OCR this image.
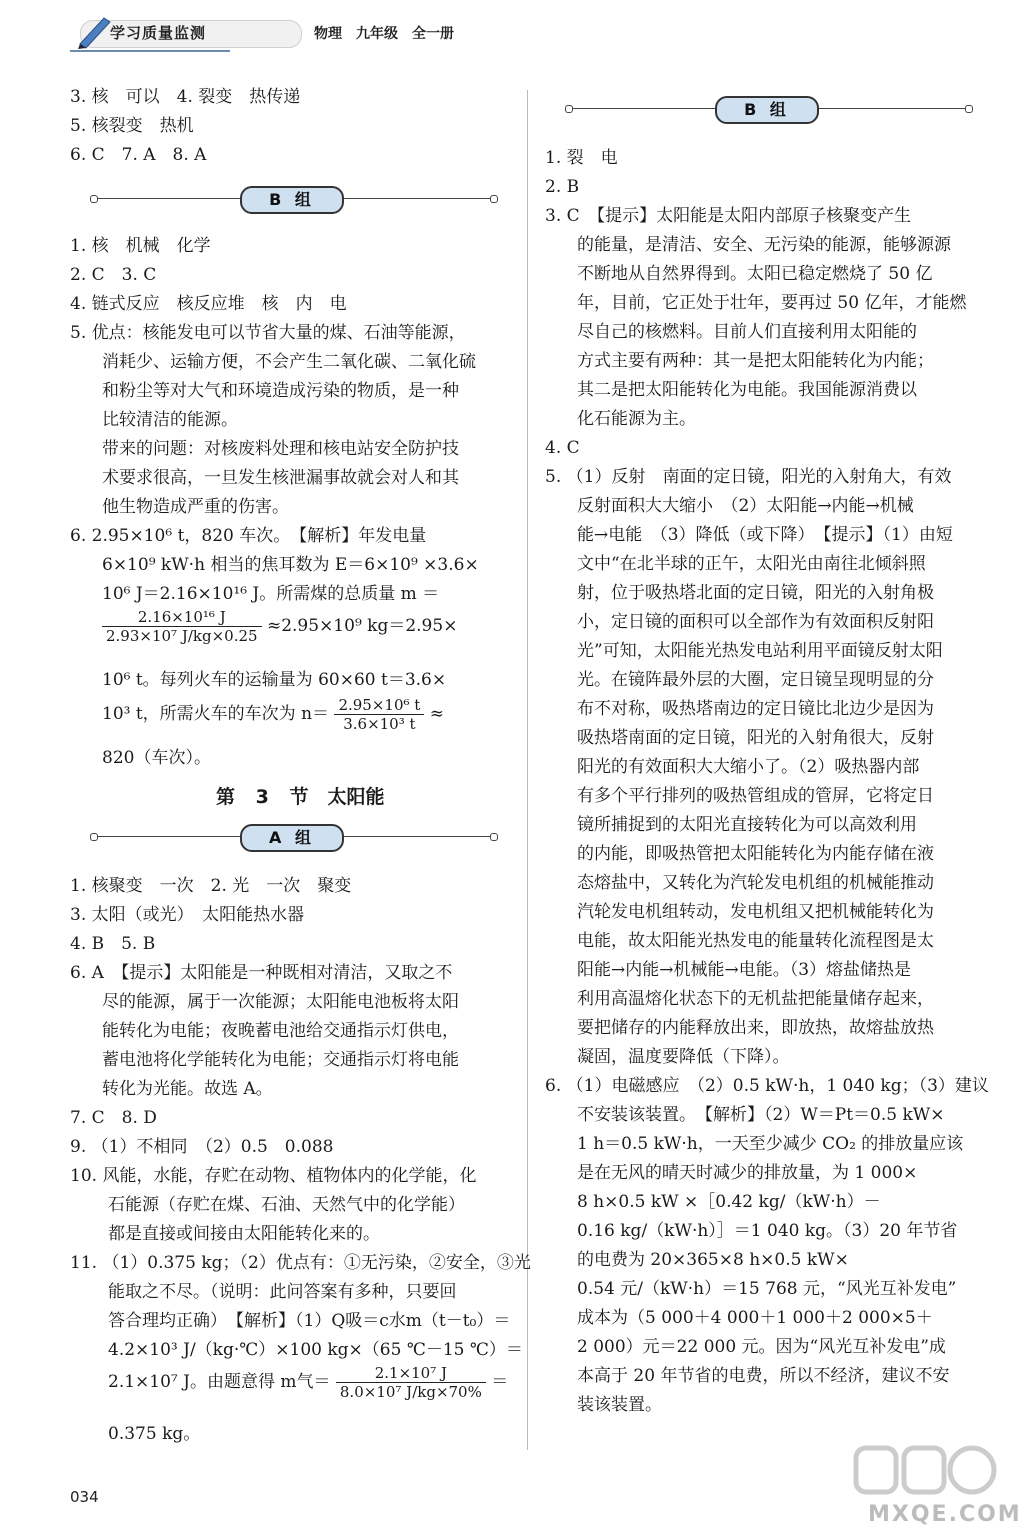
学习质量监测	物理　九年级　全一册
3. 核　可以　4. 裂变　热传递
5. 核裂变　热机
6. C　7. A　8. A
B 组
1. 核　机械　化学
2. C　3. C
4. 链式反应　核反应堆　核　内　电
5. 优点：核能发电可以节省大量的煤、石油等能源，
消耗少、运输方便，不会产生二氧化碳、二氧化硫
和粉尘等对大气和环境造成污染的物质，是一种
比较清洁的能源。
带来的问题：对核废料处理和核电站安全防护技
术要求很高，一旦发生核泄漏事故就会对人和其
他生物造成严重的伤害。
6. 2.95×10⁶ t，820 车次。　【解析】年发电量
6×10⁹ kW·h 相当的焦耳数为 E＝6×10⁹ ×3.6×
10⁶ J＝2.16×10¹⁶ J。所需煤的总质量 m ＝
$\frac{\text{2.16×10¹⁶ J}}{\text{2.93×10⁷ J/kg×0.25}} \approx 2.95\times 10^9$ kg＝2.95×
10⁶ t。每列火车的运输量为 60×60 t＝3.6×
10³ t，所需火车的车次为 $n= \frac{\text{2.95×10⁶ t}}{\text{3.6×10³ t}}$ ≈
820（车次）。
第 3 节　太阳能
A 组
1. 核聚变　一次　2. 光　一次　聚变
3. 太阳（或光）　太阳能热水器
4. B　5. B
6. A　【提示】太阳能是一种既相对清洁，又取之不
尽的能源，属于一次能源；太阳能电池板将太阳
能转化为电能；夜晚蓄电池给交通指示灯供电，
蓄电池将化学能转化为电能；交通指示灯将电能
转化为光能。故选 A。
7. C　8. D
9. （1）不相同　（2）0.5　0.088
10. 风能，水能，存贮在动物、植物体内的化学能，化
石能源（存贮在煤、石油、天然气中的化学能）
都是直接或间接由太阳能转化来的。
11. （1）0.375 kg；（2）优点有：①无污染，②安全，③光
能取之不尽。（说明：此问答案有多种，只要回
答合理均正确）　【解析】（1）Q吸＝c水m（t－t₀）＝
4.2×10³ J/（kg·℃）×100 kg×（65 ℃－15 ℃）＝
2.1×10⁷ J。由题意得 m气＝ $\frac{\text{2.1×10⁷ J}}{\text{8.0×10⁷ J/kg×70\%}}$ ＝
0.375 kg。
B 组
1. 裂　电
2. B
3. C　【提示】太阳能是太阳内部原子核聚变产生
的能量，是清洁、安全、无污染的能源，能够源源
不断地从自然界得到。太阳已稳定燃烧了 50 亿
年，目前，它正处于壮年，要再过 50 亿年，才能燃
尽自己的核燃料。目前人们直接利用太阳能的
方式主要有两种：其一是把太阳能转化为内能；
其二是把太阳能转化为电能。我国能源消费以
化石能源为主。
4. C
5. （1）反射　南面的定日镜，阳光的入射角大，有效
反射面积大大缩小　（2）太阳能→内能→机械
能→电能　（3）降低（或下降）　【提示】（1）由短
文中“在北半球的正午，太阳光由南往北倾斜照
射，位于吸热塔北面的定日镜，阳光的入射角极
小，定日镜的面积可以全部作为有效面积反射阳
光”可知，太阳能光热发电站利用平面镜反射太阳
光。在镜阵最外层的大圈，定日镜呈现明显的分
布不对称，吸热塔南边的定日镜比北边少是因为
吸热塔南面的定日镜，阳光的入射角很大，反射
阳光的有效面积大大缩小了。（2）吸热器内部
有多个平行排列的吸热管组成的管屏，它将定日
镜所捕捉到的太阳光直接转化为可以高效利用
的内能，即吸热管把太阳能转化为内能存储在液
态熔盐中，又转化为汽轮发电机组的机械能推动
汽轮发电机组转动，发电机组又把机械能转化为
电能，故太阳能光热发电的能量转化流程图是太
阳能→内能→机械能→电能。（3）熔盐储热是
利用高温熔化状态下的无机盐把能量储存起来，
要把储存的内能释放出来，即放热，故熔盐放热
凝固，温度要降低（下降）。
6. （1）电磁感应　（2）0.5 kW·h，1 040 kg；（3）建议
不安装该装置。　【解析】（2）W＝Pt＝0.5 kW×
1 h＝0.5 kW·h，一天至少减少 CO₂ 的排放量应该
是在无风的晴天时减少的排放量，为 1 000×
8 h×0.5 kW ×［0.42 kg/（kW·h）－
0.16 kg/（kW·h）］＝1 040 kg。（3）20 年节省
的电费为 20×365×8 h×0.5 kW×
0.54 元/（kW·h）＝15 768 元，“风光互补发电”
成本为（5 000＋4 000＋1 000＋2 000×5＋
2 000）元＝22 000 元。因为“风光互补发电”成
本高于 20 年节省的电费，所以不经济，建议不安
装该装置。
034
MXQE.COM
